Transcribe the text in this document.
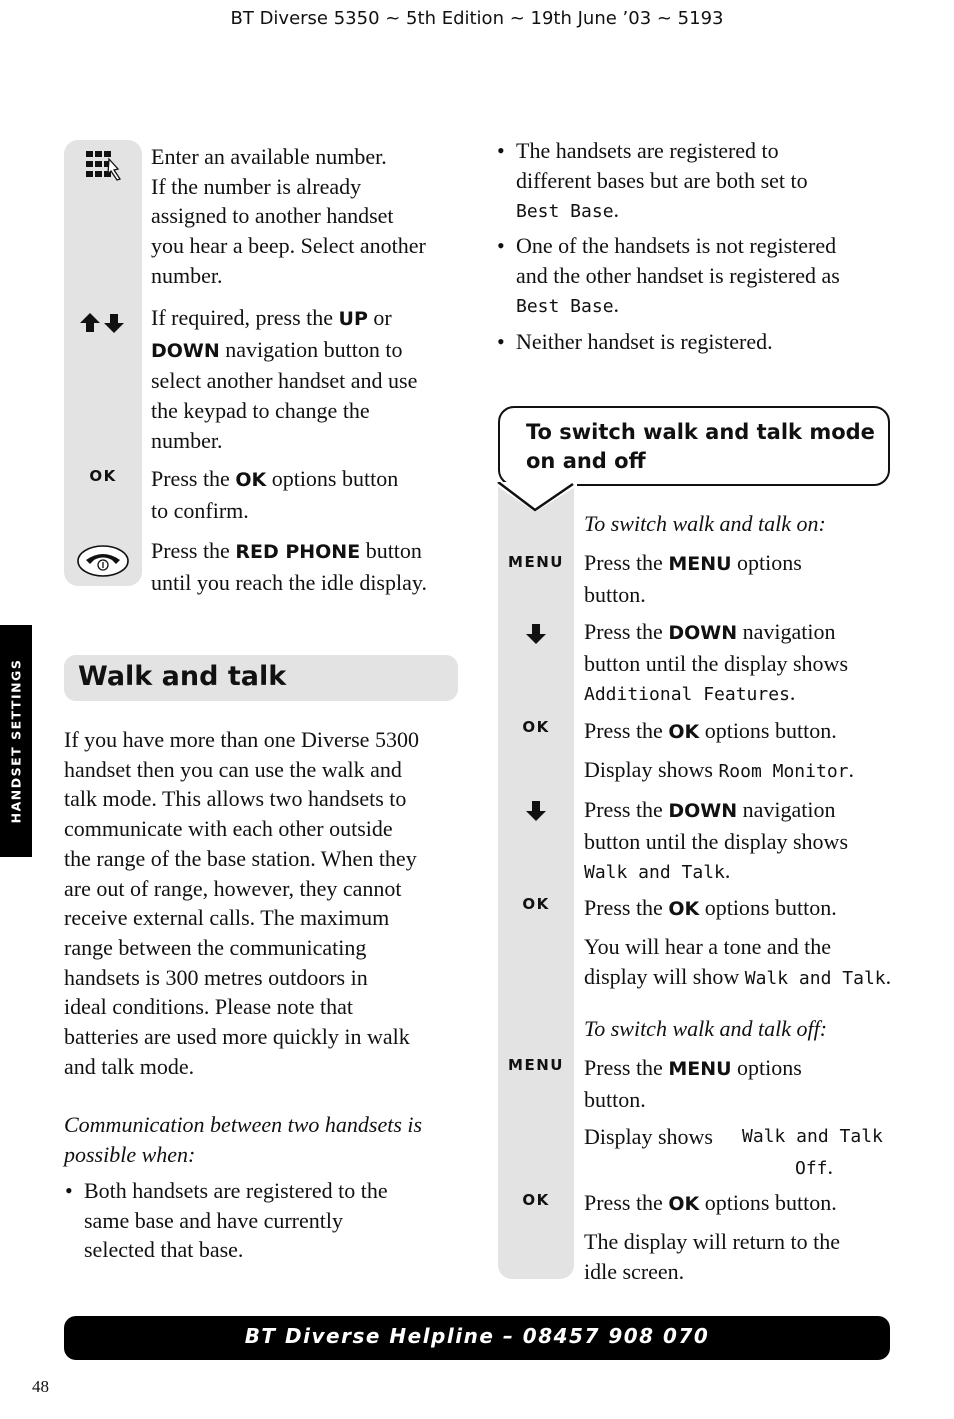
BT Diverse 5350 ~ 5th Edition ~ 19th June ’03 ~ 5193
Enter an available number.
If the number is already
assigned to another handset
you hear a beep. Select another
number.
If required, press the UP or
DOWN navigation button to
select another handset and use
the keypad to change the
number.
OK	Press the OK options button
to confirm.
Press the RED PHONE button
until you reach the idle display.
HANDSET SETTINGS Walk and talk
If you have more than one Diverse 5300
handset then you can use the walk and
talk mode. This allows two handsets to
communicate with each other outside
the range of the base station. When they
are out of range, however, they cannot
receive external calls. The maximum
range between the communicating
handsets is 300 metres outdoors in
ideal conditions. Please note that
batteries are used more quickly in walk
and talk mode.
Communication between two handsets is
possible when:
• Both handsets are registered to the
same base and have currently
selected that base.
• The handsets are registered to
different bases but are both set to
Best Base.
• One of the handsets is not registered
and the other handset is registered as
Best Base.
• Neither handset is registered.
To switch walk and talk mode
on and off
To switch walk and talk on:
MENU Press the MENU options
button.
Press the DOWN navigation
button until the display shows
Additional Features.
OK	Press the OK options button.
Display shows Room Monitor.
Press the DOWN navigation
button until the display shows
Walk and Talk.
OK	Press the OK options button.
You will hear a tone and the
display will show Walk and Talk.
To switch walk and talk off:
MENU Press the MENU options
button.
Display shows Walk and Talk
Off.
OK	Press the OK options button.
The display will return to the
idle screen.
BT Diverse Helpline – 08457 908 070
48
